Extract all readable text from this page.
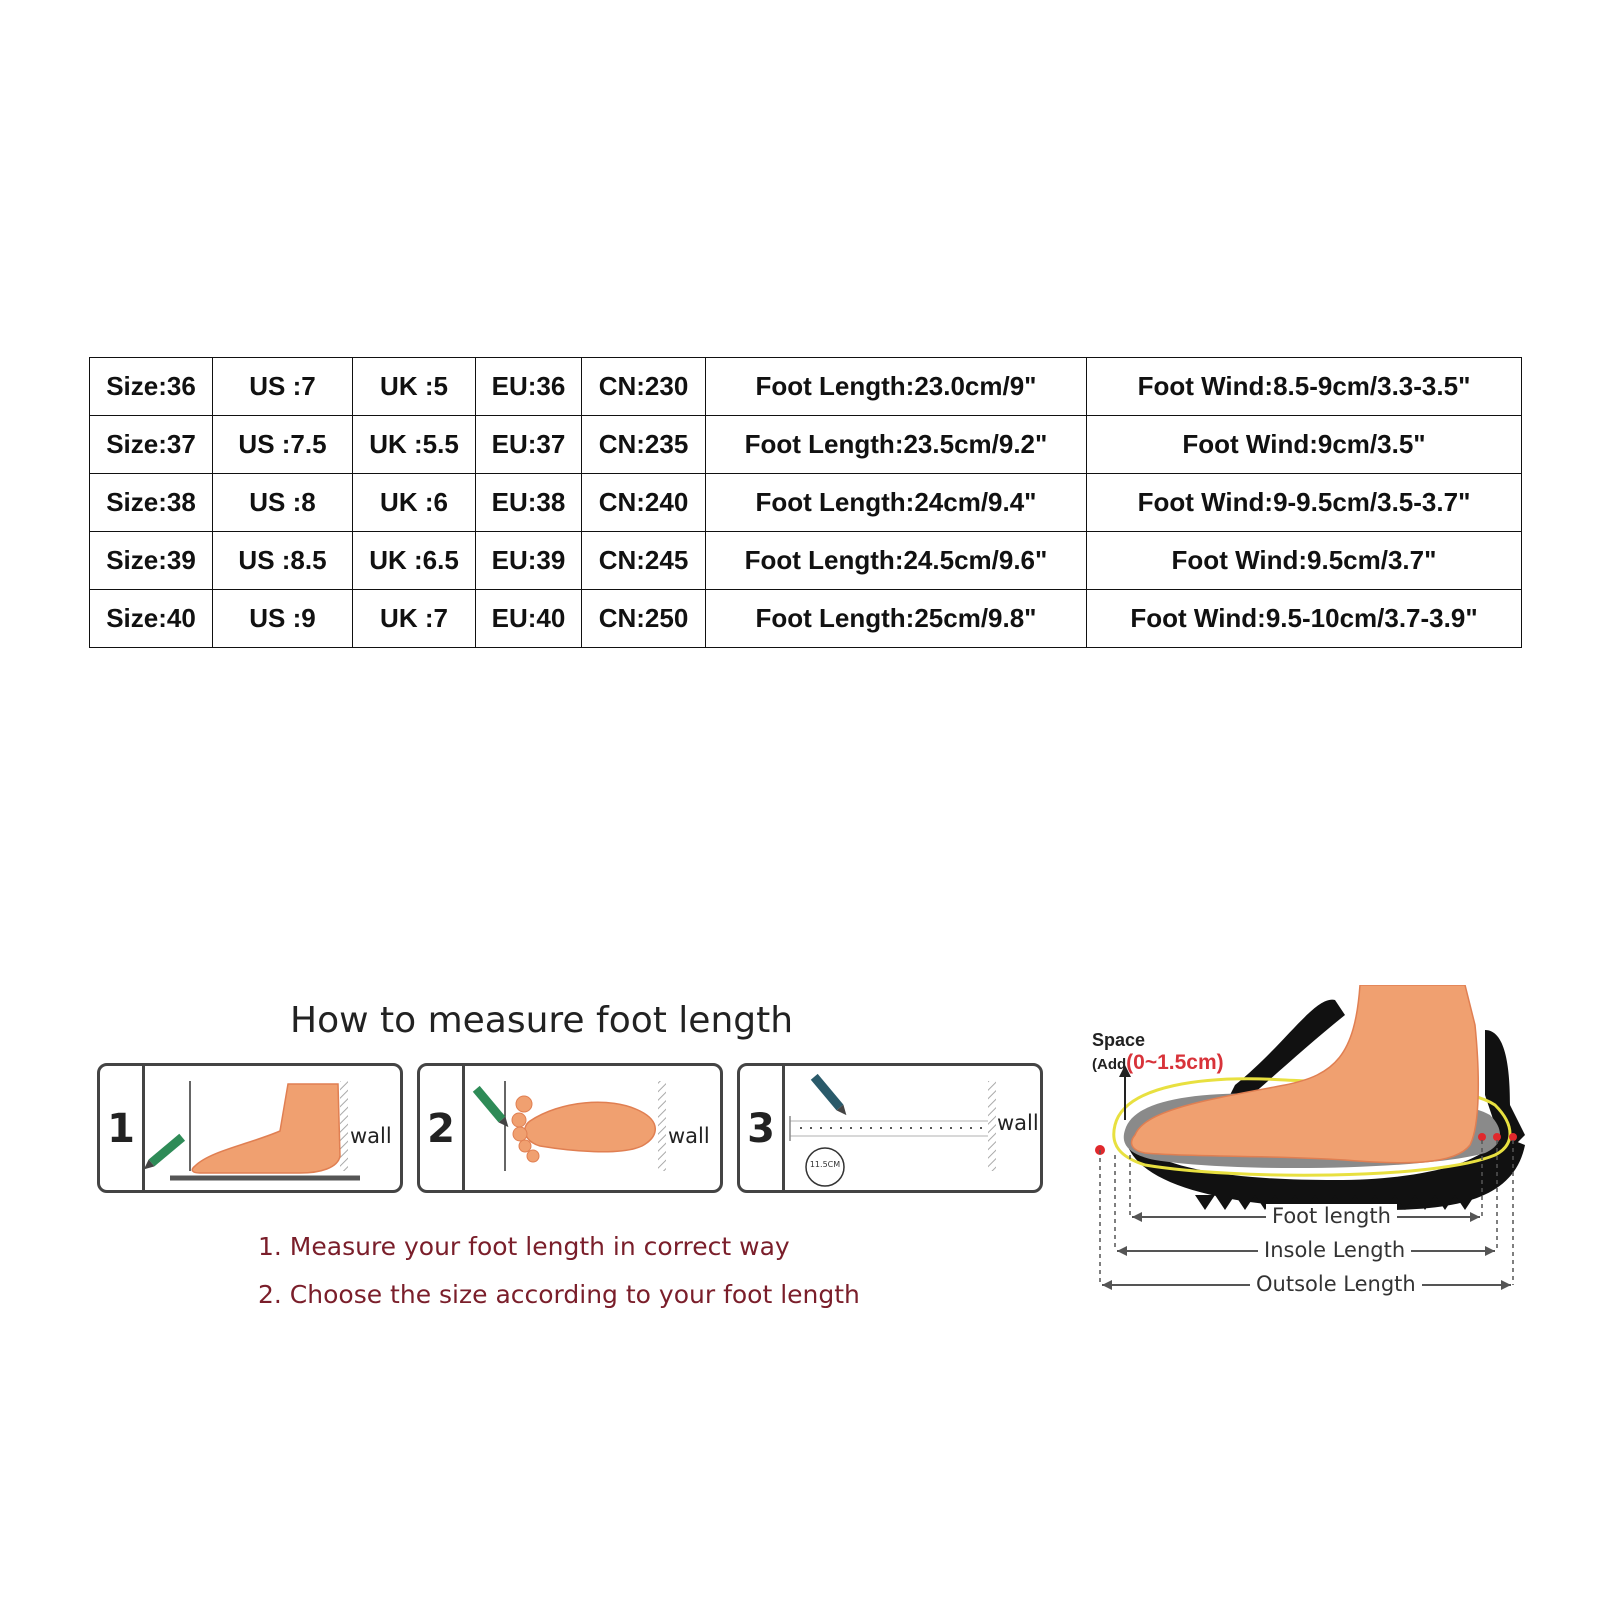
Size:36	US :7	UK :5	EU:36	CN:230	Foot Length:23.0cm/9"	Foot Wind:8.5-9cm/3.3-3.5"
Size:37	US :7.5	UK :5.5	EU:37	CN:235	Foot Length:23.5cm/9.2"	Foot Wind:9cm/3.5"
Size:38	US :8	UK :6	EU:38	CN:240	Foot Length:24cm/9.4"	Foot Wind:9-9.5cm/3.5-3.7"
Size:39	US :8.5	UK :6.5	EU:39	CN:245	Foot Length:24.5cm/9.6"	Foot Wind:9.5cm/3.7"
Size:40	US :9	UK :7	EU:40	CN:250	Foot Length:25cm/9.8"	Foot Wind:9.5-10cm/3.7-3.9"
How to measure foot length
1	wall 2	wall 3
11.5CM
wall
1. Measure your foot length in correct way
2. Choose the size according to your foot length
Space
(Add(0~1.5cm)
Foot length
Insole Length
Outsole Length
